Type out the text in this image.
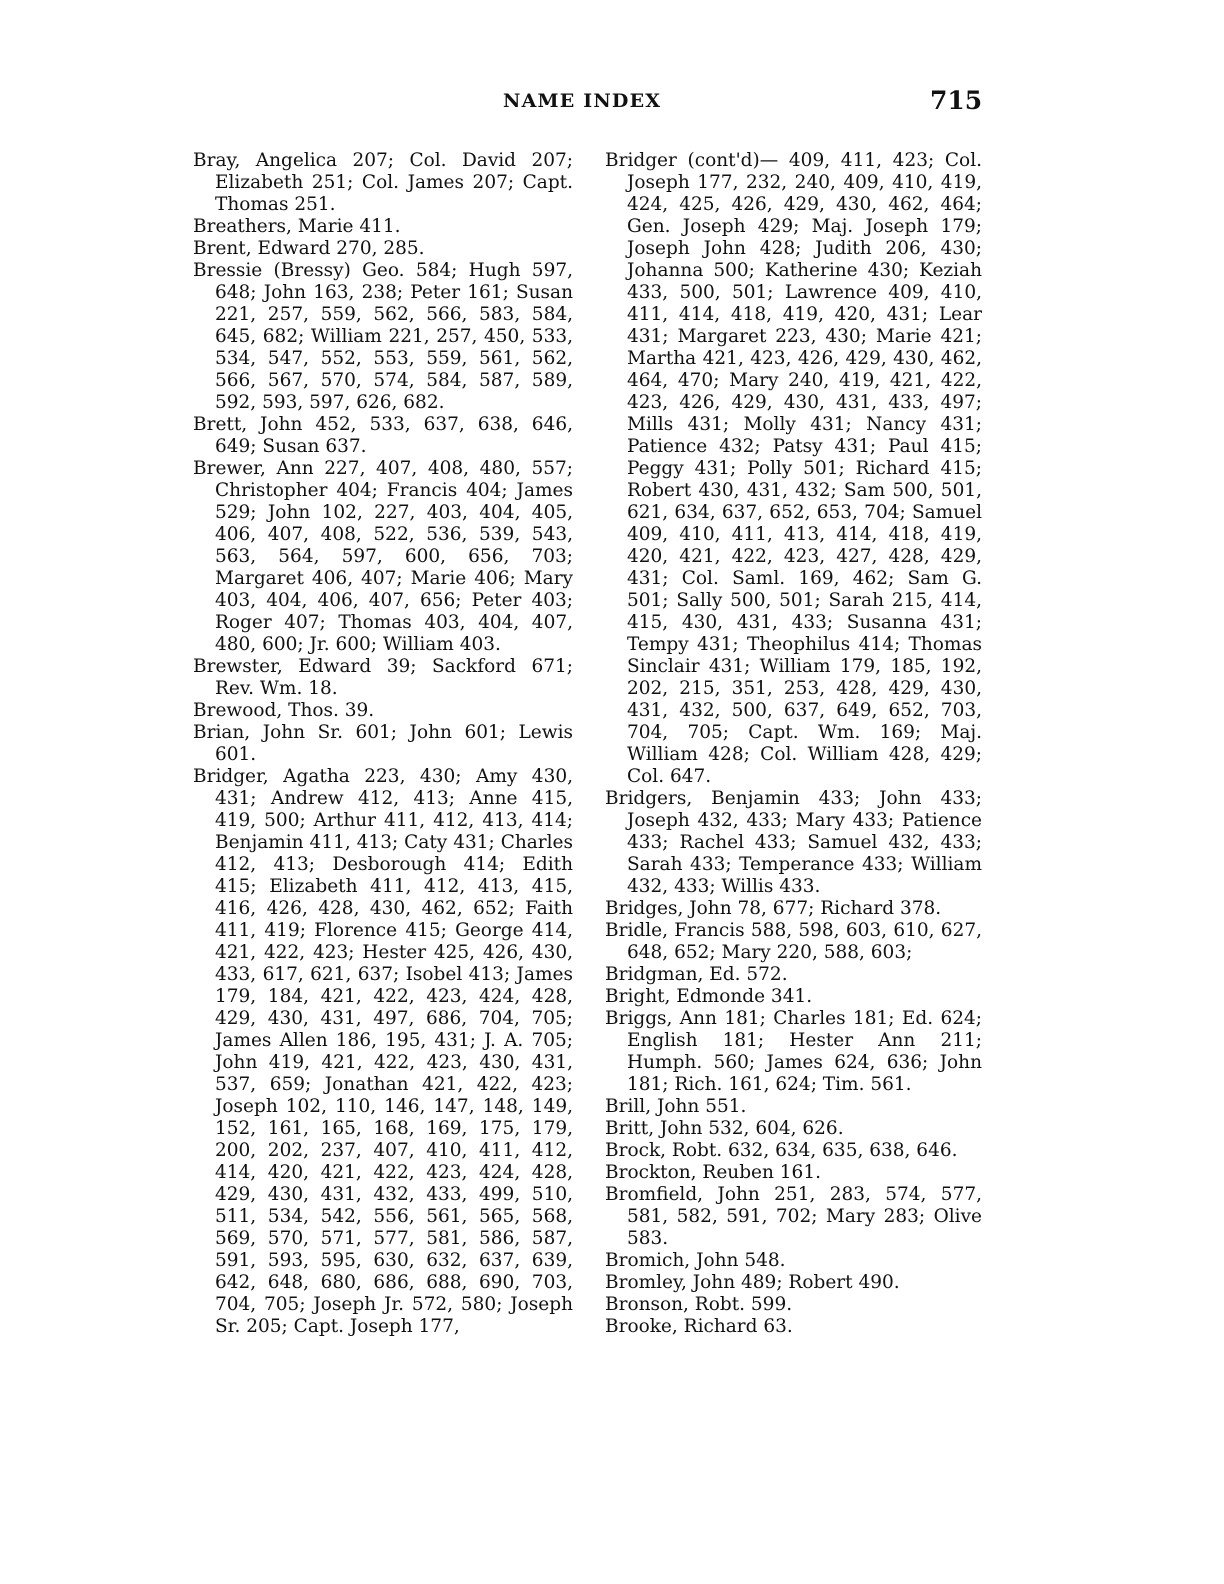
NAME INDEX	715
Bray, Angelica 207; Col. David 207; Elizabeth 251; Col. James 207; Capt. Thomas 251.
Breathers, Marie 411.
Brent, Edward 270, 285.
Bressie (Bressy) Geo. 584; Hugh 597, 648; John 163, 238; Peter 161; Susan 221, 257, 559, 562, 566, 583, 584, 645, 682; William 221, 257, 450, 533, 534, 547, 552, 553, 559, 561, 562, 566, 567, 570, 574, 584, 587, 589, 592, 593, 597, 626, 682.
Brett, John 452, 533, 637, 638, 646, 649; Susan 637.
Brewer, Ann 227, 407, 408, 480, 557; Christopher 404; Francis 404; James 529; John 102, 227, 403, 404, 405, 406, 407, 408, 522, 536, 539, 543, 563, 564, 597, 600, 656, 703; Margaret 406, 407; Marie 406; Mary 403, 404, 406, 407, 656; Peter 403; Roger 407; Thomas 403, 404, 407, 480, 600; Jr. 600; William 403.
Brewster, Edward 39; Sackford 671; Rev. Wm. 18.
Brewood, Thos. 39.
Brian, John Sr. 601; John 601; Lewis 601.
Bridger, Agatha 223, 430; Amy 430, 431; Andrew 412, 413; Anne 415, 419, 500; Arthur 411, 412, 413, 414; Benjamin 411, 413; Caty 431; Charles 412, 413; Desborough 414; Edith 415; Elizabeth 411, 412, 413, 415, 416, 426, 428, 430, 462, 652; Faith 411, 419; Florence 415; George 414, 421, 422, 423; Hester 425, 426, 430, 433, 617, 621, 637; Isobel 413; James 179, 184, 421, 422, 423, 424, 428, 429, 430, 431, 497, 686, 704, 705; James Allen 186, 195, 431; J. A. 705; John 419, 421, 422, 423, 430, 431, 537, 659; Jonathan 421, 422, 423; Joseph 102, 110, 146, 147, 148, 149, 152, 161, 165, 168, 169, 175, 179, 200, 202, 237, 407, 410, 411, 412, 414, 420, 421, 422, 423, 424, 428, 429, 430, 431, 432, 433, 499, 510, 511, 534, 542, 556, 561, 565, 568, 569, 570, 571, 577, 581, 586, 587, 591, 593, 595, 630, 632, 637, 639, 642, 648, 680, 686, 688, 690, 703, 704, 705; Joseph Jr. 572, 580; Joseph Sr. 205; Capt. Joseph 177,
Bridger (cont'd)— 409, 411, 423; Col. Joseph 177, 232, 240, 409, 410, 419, 424, 425, 426, 429, 430, 462, 464; Gen. Joseph 429; Maj. Joseph 179; Joseph John 428; Judith 206, 430; Johanna 500; Katherine 430; Keziah 433, 500, 501; Lawrence 409, 410, 411, 414, 418, 419, 420, 431; Lear 431; Margaret 223, 430; Marie 421; Martha 421, 423, 426, 429, 430, 462, 464, 470; Mary 240, 419, 421, 422, 423, 426, 429, 430, 431, 433, 497; Mills 431; Molly 431; Nancy 431; Patience 432; Patsy 431; Paul 415; Peggy 431; Polly 501; Richard 415; Robert 430, 431, 432; Sam 500, 501, 621, 634, 637, 652, 653, 704; Samuel 409, 410, 411, 413, 414, 418, 419, 420, 421, 422, 423, 427, 428, 429, 431; Col. Saml. 169, 462; Sam G. 501; Sally 500, 501; Sarah 215, 414, 415, 430, 431, 433; Susanna 431; Tempy 431; Theophilus 414; Thomas Sinclair 431; William 179, 185, 192, 202, 215, 351, 253, 428, 429, 430, 431, 432, 500, 637, 649, 652, 703, 704, 705; Capt. Wm. 169; Maj. William 428; Col. William 428, 429; Col. 647.
Bridgers, Benjamin 433; John 433; Joseph 432, 433; Mary 433; Patience 433; Rachel 433; Samuel 432, 433; Sarah 433; Temperance 433; William 432, 433; Willis 433.
Bridges, John 78, 677; Richard 378.
Bridle, Francis 588, 598, 603, 610, 627, 648, 652; Mary 220, 588, 603;
Bridgman, Ed. 572.
Bright, Edmonde 341.
Briggs, Ann 181; Charles 181; Ed. 624; English 181; Hester Ann 211; Humph. 560; James 624, 636; John 181; Rich. 161, 624; Tim. 561.
Brill, John 551.
Britt, John 532, 604, 626.
Brock, Robt. 632, 634, 635, 638, 646.
Brockton, Reuben 161.
Bromfield, John 251, 283, 574, 577, 581, 582, 591, 702; Mary 283; Olive 583.
Bromich, John 548.
Bromley, John 489; Robert 490.
Bronson, Robt. 599.
Brooke, Richard 63.
